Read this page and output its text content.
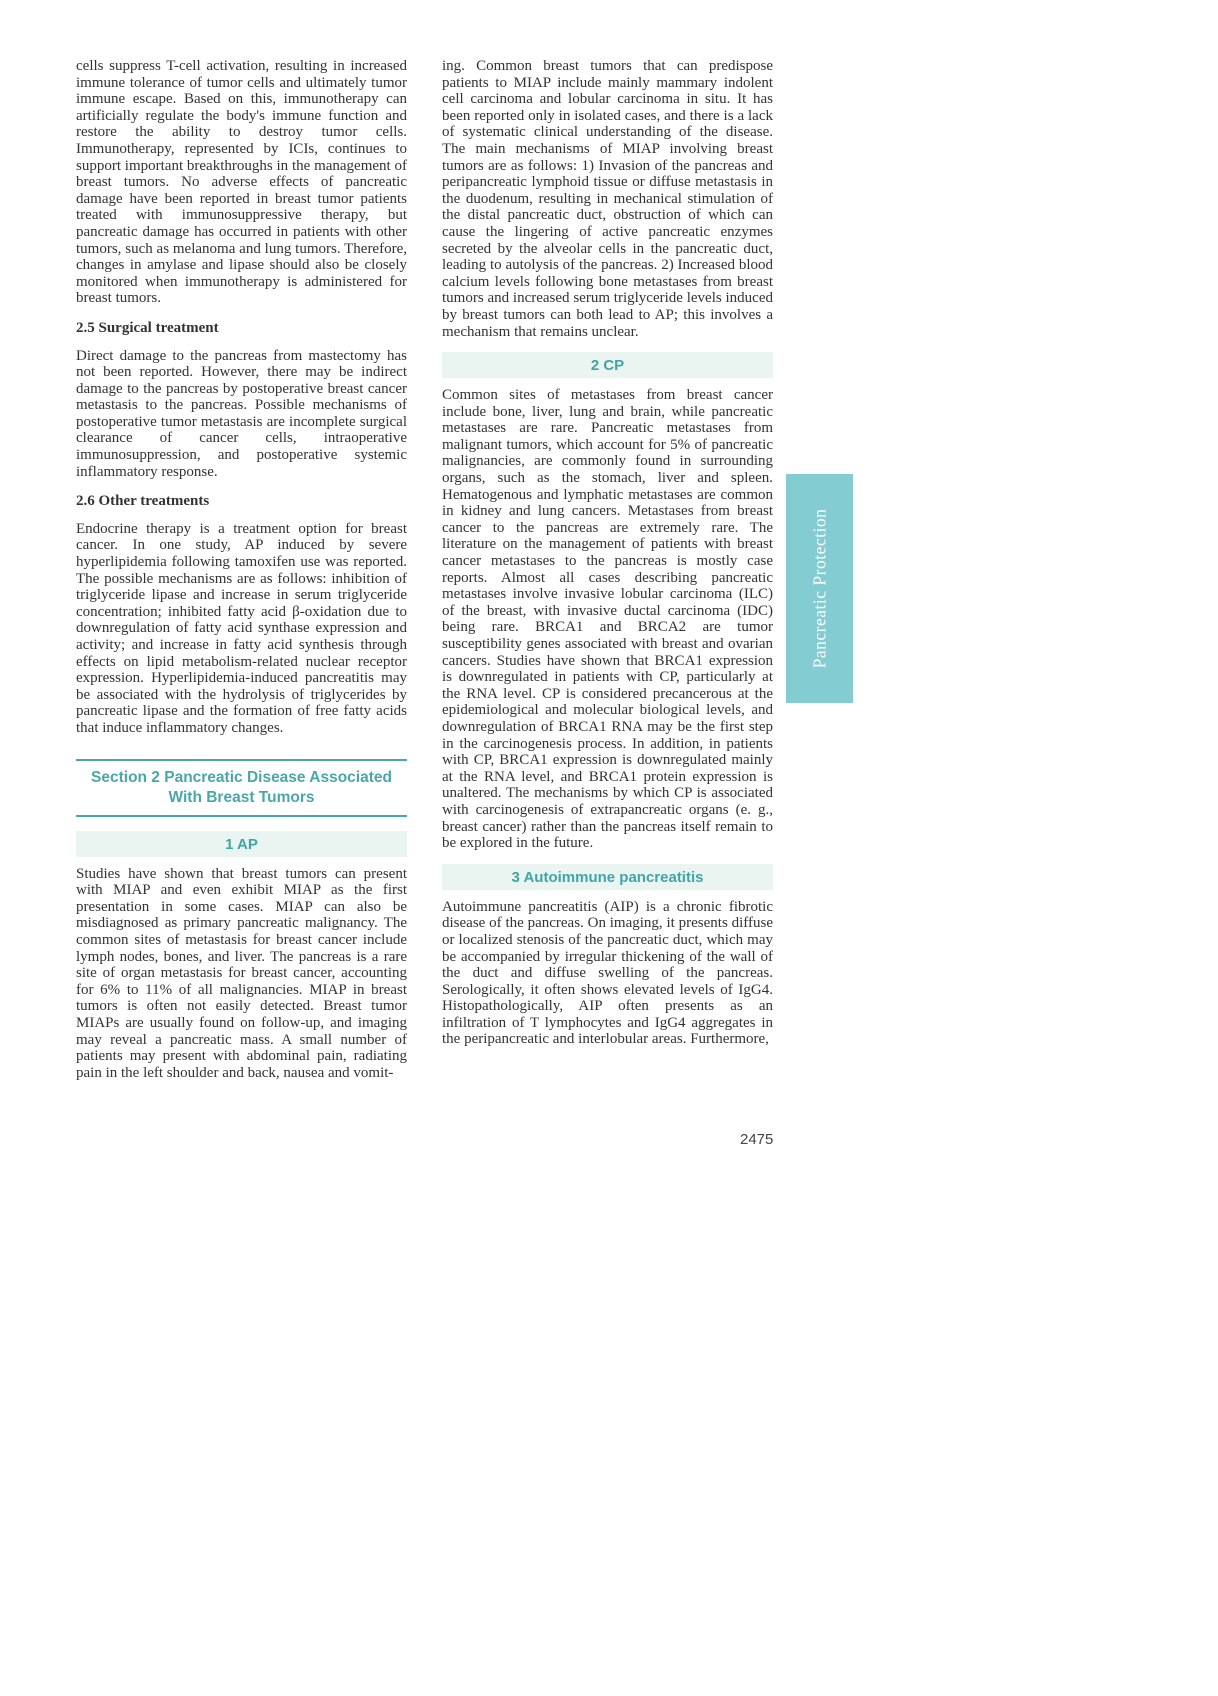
cells suppress T-cell activation, resulting in increased immune tolerance of tumor cells and ultimately tumor immune escape. Based on this, immunotherapy can artificially regulate the body's immune function and restore the ability to destroy tumor cells. Immunotherapy, represented by ICIs, continues to support important breakthroughs in the management of breast tumors. No adverse effects of pancreatic damage have been reported in breast tumor patients treated with immunosuppressive therapy, but pancreatic damage has occurred in patients with other tumors, such as melanoma and lung tumors. Therefore, changes in amylase and lipase should also be closely monitored when immunotherapy is administered for breast tumors.

2.5 Surgical treatment

Direct damage to the pancreas from mastectomy has not been reported. However, there may be indirect damage to the pancreas by postoperative breast cancer metastasis to the pancreas. Possible mechanisms of postoperative tumor metastasis are incomplete surgical clearance of cancer cells, intraoperative immunosuppression, and postoperative systemic inflammatory response.

2.6 Other treatments

Endocrine therapy is a treatment option for breast cancer. In one study, AP induced by severe hyperlipidemia following tamoxifen use was reported. The possible mechanisms are as follows: inhibition of triglyceride lipase and increase in serum triglyceride concentration; inhibited fatty acid β-oxidation due to downregulation of fatty acid synthase expression and activity; and increase in fatty acid synthesis through effects on lipid metabolism-related nuclear receptor expression. Hyperlipidemia-induced pancreatitis may be associated with the hydrolysis of triglycerides by pancreatic lipase and the formation of free fatty acids that induce inflammatory changes.

Section 2 Pancreatic Disease Associated With Breast Tumors
1 AP

Studies have shown that breast tumors can present with MIAP and even exhibit MIAP as the first presentation in some cases. MIAP can also be misdiagnosed as primary pancreatic malignancy. The common sites of metastasis for breast cancer include lymph nodes, bones, and liver. The pancreas is a rare site of organ metastasis for breast cancer, accounting for 6% to 11% of all malignancies. MIAP in breast tumors is often not easily detected. Breast tumor MIAPs are usually found on follow-up, and imaging may reveal a pancreatic mass. A small number of patients may present with abdominal pain, radiating pain in the left shoulder and back, nausea and vomit-

ing. Common breast tumors that can predispose patients to MIAP include mainly mammary indolent cell carcinoma and lobular carcinoma in situ. It has been reported only in isolated cases, and there is a lack of systematic clinical understanding of the disease. The main mechanisms of MIAP involving breast tumors are as follows: 1) Invasion of the pancreas and peripancreatic lymphoid tissue or diffuse metastasis in the duodenum, resulting in mechanical stimulation of the distal pancreatic duct, obstruction of which can cause the lingering of active pancreatic enzymes secreted by the alveolar cells in the pancreatic duct, leading to autolysis of the pancreas. 2) Increased blood calcium levels following bone metastases from breast tumors and increased serum triglyceride levels induced by breast tumors can both lead to AP; this involves a mechanism that remains unclear.

2 CP

Common sites of metastases from breast cancer include bone, liver, lung and brain, while pancreatic metastases are rare. Pancreatic metastases from malignant tumors, which account for 5% of pancreatic malignancies, are commonly found in surrounding organs, such as the stomach, liver and spleen. Hematogenous and lymphatic metastases are common in kidney and lung cancers. Metastases from breast cancer to the pancreas are extremely rare. The literature on the management of patients with breast cancer metastases to the pancreas is mostly case reports. Almost all cases describing pancreatic metastases involve invasive lobular carcinoma (ILC) of the breast, with invasive ductal carcinoma (IDC) being rare. BRCA1 and BRCA2 are tumor susceptibility genes associated with breast and ovarian cancers. Studies have shown that BRCA1 expression is downregulated in patients with CP, particularly at the RNA level. CP is considered precancerous at the epidemiological and molecular biological levels, and downregulation of BRCA1 RNA may be the first step in the carcinogenesis process. In addition, in patients with CP, BRCA1 expression is downregulated mainly at the RNA level, and BRCA1 protein expression is unaltered. The mechanisms by which CP is associated with carcinogenesis of extrapancreatic organs (e. g., breast cancer) rather than the pancreas itself remain to be explored in the future.

3 Autoimmune pancreatitis

Autoimmune pancreatitis (AIP) is a chronic fibrotic disease of the pancreas. On imaging, it presents diffuse or localized stenosis of the pancreatic duct, which may be accompanied by irregular thickening of the wall of the duct and diffuse swelling of the pancreas. Serologically, it often shows elevated levels of IgG4. Histopathologically, AIP often presents as an infiltration of T lymphocytes and IgG4 aggregates in the peripancreatic and interlobular areas. Furthermore,

Pancreatic Protection
2475
